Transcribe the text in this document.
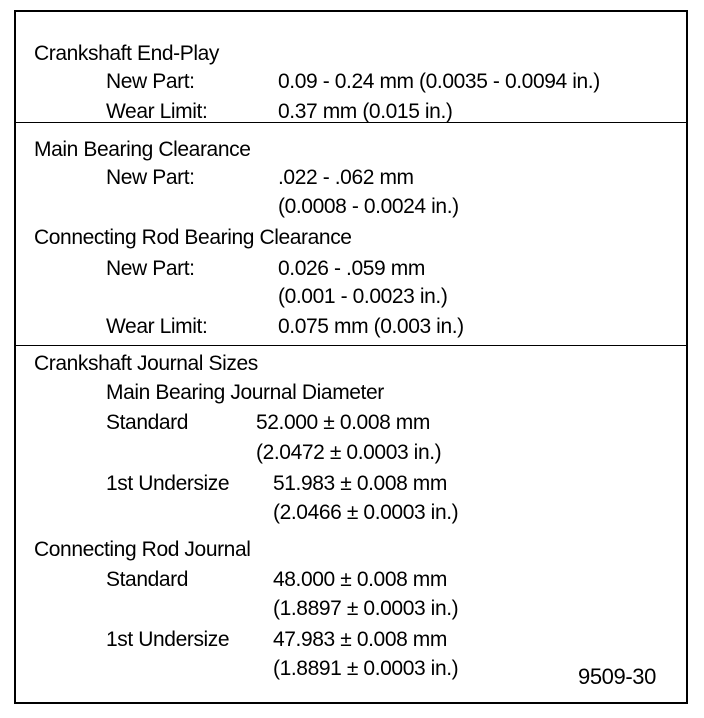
Crankshaft End-Play
New Part:	0.09 - 0.24 mm (0.0035 - 0.0094 in.)
Wear Limit:	0.37 mm (0.015 in.)
Main Bearing Clearance
New Part:	.022 - .062 mm
(0.0008 - 0.0024 in.)
Connecting Rod Bearing Clearance
New Part:	0.026 - .059 mm
(0.001 - 0.0023 in.)
Wear Limit:	0.075 mm (0.003 in.)
Crankshaft Journal Sizes
Main Bearing Journal Diameter
Standard	52.000 ± 0.008 mm
(2.0472 ± 0.0003 in.)
1st Undersize 51.983 ± 0.008 mm
(2.0466 ± 0.0003 in.)
Connecting Rod Journal
Standard	48.000 ± 0.008 mm
(1.8897 ± 0.0003 in.)
1st Undersize 47.983 ± 0.008 mm
(1.8891 ± 0.0003 in.)	9509-30
